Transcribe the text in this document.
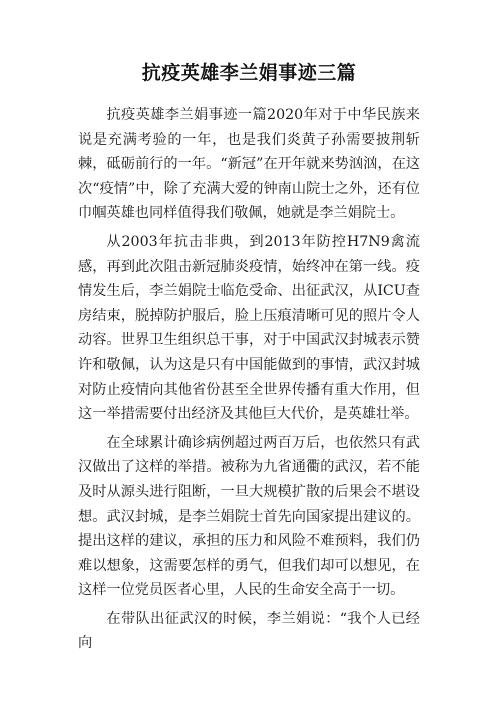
抗疫英雄李兰娟事迹三篇

抗疫英雄李兰娟事迹一篇2020年对于中华民族来说是充满考验的一年，也是我们炎黄子孙需要披荆斩棘，砥砺前行的一年。“新冠”在开年就来势汹汹，在这次“疫情”中，除了充满大爱的钟南山院士之外，还有位巾帼英雄也同样值得我们敬佩，她就是李兰娟院士。

从2003年抗击非典，到2013年防控H7N9禽流感，再到此次阻击新冠肺炎疫情，始终冲在第一线。疫情发生后，李兰娟院士临危受命、出征武汉，从ICU查房结束，脱掉防护服后，脸上压痕清晰可见的照片令人动容。世界卫生组织总干事，对于中国武汉封城表示赞许和敬佩，认为这是只有中国能做到的事情，武汉封城对防止疫情向其他省份甚至全世界传播有重大作用，但这一举措需要付出经济及其他巨大代价，是英雄壮举。

在全球累计确诊病例超过两百万后，也依然只有武汉做出了这样的举措。被称为九省通衢的武汉，若不能及时从源头进行阻断，一旦大规模扩散的后果会不堪设想。武汉封城，是李兰娟院士首先向国家提出建议的。提出这样的建议，承担的压力和风险不难预料，我们仍难以想象，这需要怎样的勇气，但我们却可以想见，在这样一位党员医者心里，人民的生命安全高于一切。

在带队出征武汉的时候，李兰娟说：“我个人已经向
